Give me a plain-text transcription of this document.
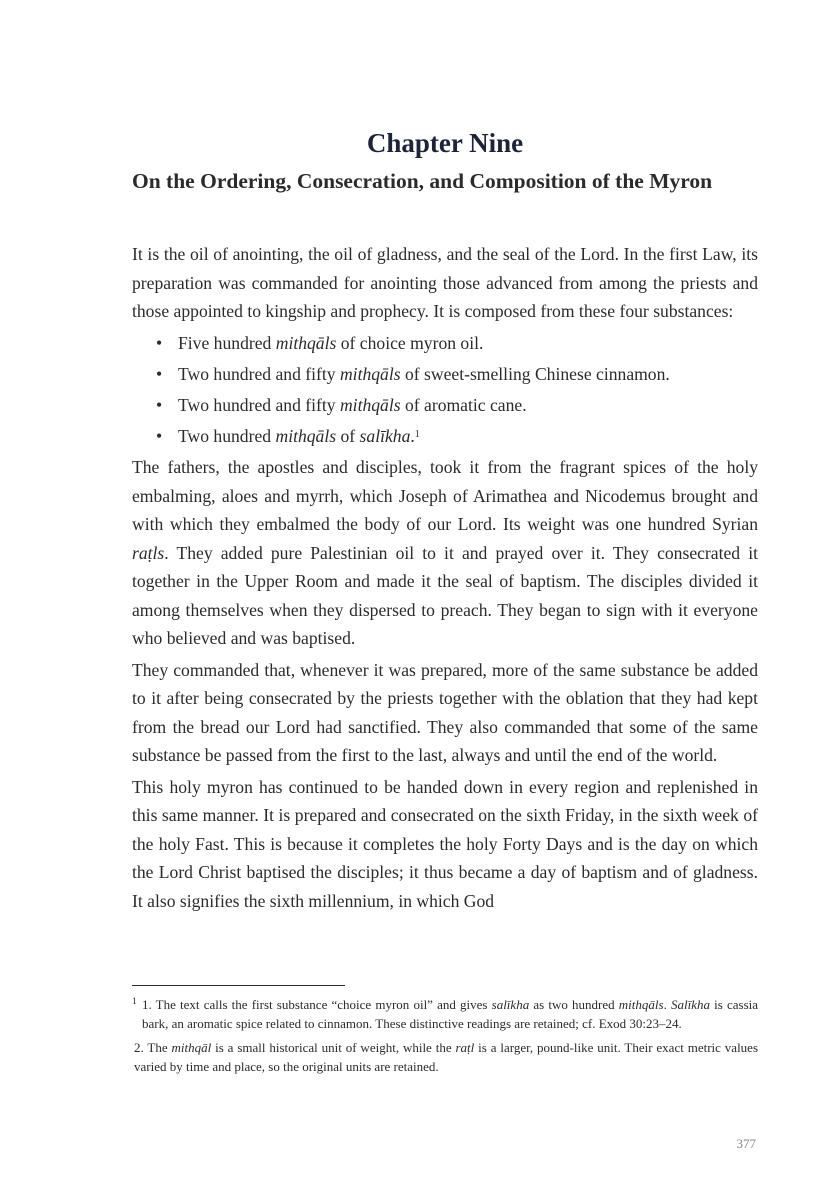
Chapter Nine
On the Ordering, Consecration, and Composition of the Myron

It is the oil of anointing, the oil of gladness, and the seal of the Lord. In the first Law, its preparation was commanded for anointing those advanced from among the priests and those appointed to kingship and prophecy. It is composed from these four substances:

• Five hundred mithqāls of choice myron oil.
• Two hundred and fifty mithqāls of sweet-smelling Chinese cinnamon.
• Two hundred and fifty mithqāls of aromatic cane.
• Two hundred mithqāls of salīkha.$^1$

The fathers, the apostles and disciples, took it from the fragrant spices of the holy embalming, aloes and myrrh, which Joseph of Arimathea and Nicodemus brought and with which they embalmed the body of our Lord. Its weight was one hundred Syrian raṭls. They added pure Palestinian oil to it and prayed over it. They consecrated it together in the Upper Room and made it the seal of baptism. The disciples divided it among themselves when they dispersed to preach. They began to sign with it everyone who believed and was baptised.

They commanded that, whenever it was prepared, more of the same substance be added to it after being consecrated by the priests together with the oblation that they had kept from the bread our Lord had sanctified. They also commanded that some of the same substance be passed from the first to the last, always and until the end of the world.

This holy myron has continued to be handed down in every region and replenished in this same manner. It is prepared and consecrated on the sixth Friday, in the sixth week of the holy Fast. This is because it completes the holy Forty Days and is the day on which the Lord Christ baptised the disciples; it thus became a day of baptism and of gladness. It also signifies the sixth millennium, in which God

1 1. The text calls the first substance “choice myron oil” and gives salīkha as two hundred mithqāls. Salīkha is cassia bark, an aromatic spice related to cinnamon. These distinctive readings are retained; cf. Exod 30:23–24.
2. The mithqāl is a small historical unit of weight, while the raṭl is a larger, pound-like unit. Their exact metric values varied by time and place, so the original units are retained.
377
